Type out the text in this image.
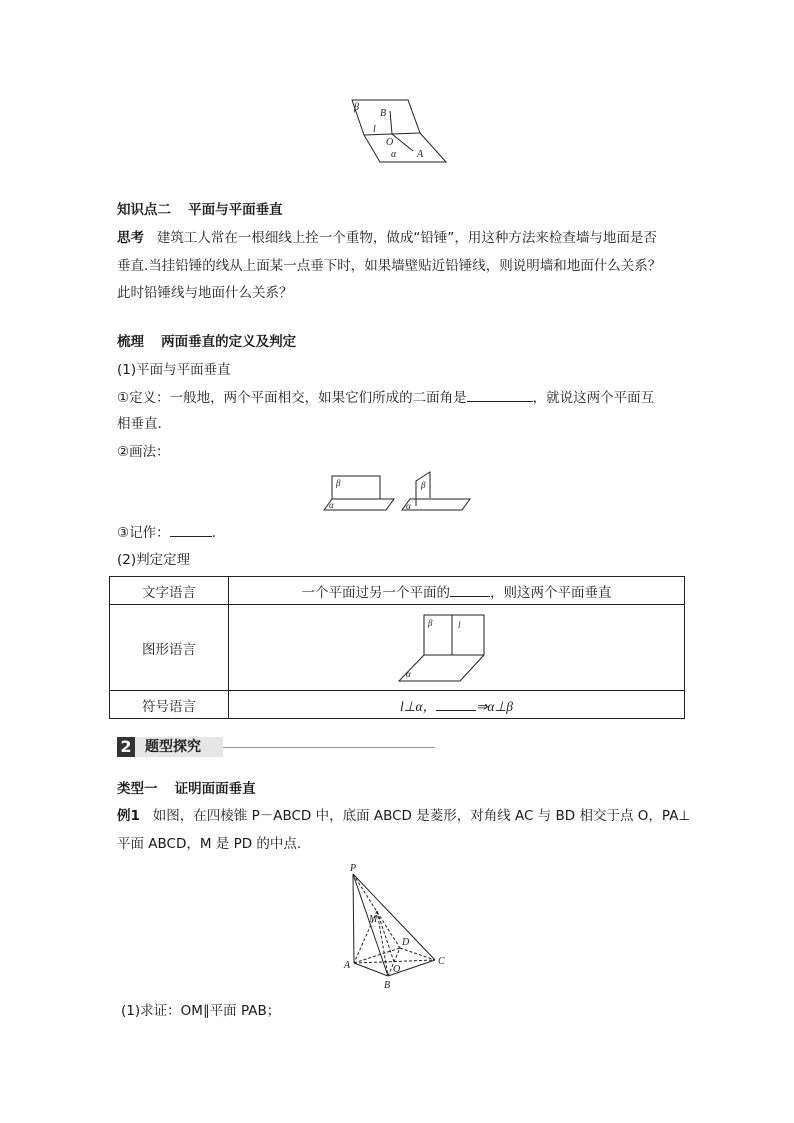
β
B
l
O
α A
知识点二 平面与平面垂直
思考 建筑工人常在一根细线上拴一个重物，做成“铅锤”，用这种方法来检查墙与地面是否
垂直.当挂铅锤的线从上面某一点垂下时，如果墙壁贴近铅锤线，则说明墙和地面什么关系？
此时铅锤线与地面什么关系？
梳理 两面垂直的定义及判定
(1)平面与平面垂直
①定义：一般地，两个平面相交，如果它们所成的二面角是	，就说这两个平面互
相垂直.
②画法：
β
α
β
α
③记作：	.
(2)判定定理
文字语言	一个平面过另一个平面的 ，则这两个平面垂直
图形语言	β l
α

符号语言	l⊥α， ⇒α⊥β
2 题型探究
类型一 证明面面垂直
例1 如图，在四棱锥 P－ABCD 中，底面 ABCD 是菱形，对角线 AC 与 BD 相交于点 O，PA⊥
平面 ABCD，M 是 PD 的中点.
P
M
D
A	O
C
B
(1)求证：OM∥平面 PAB；
